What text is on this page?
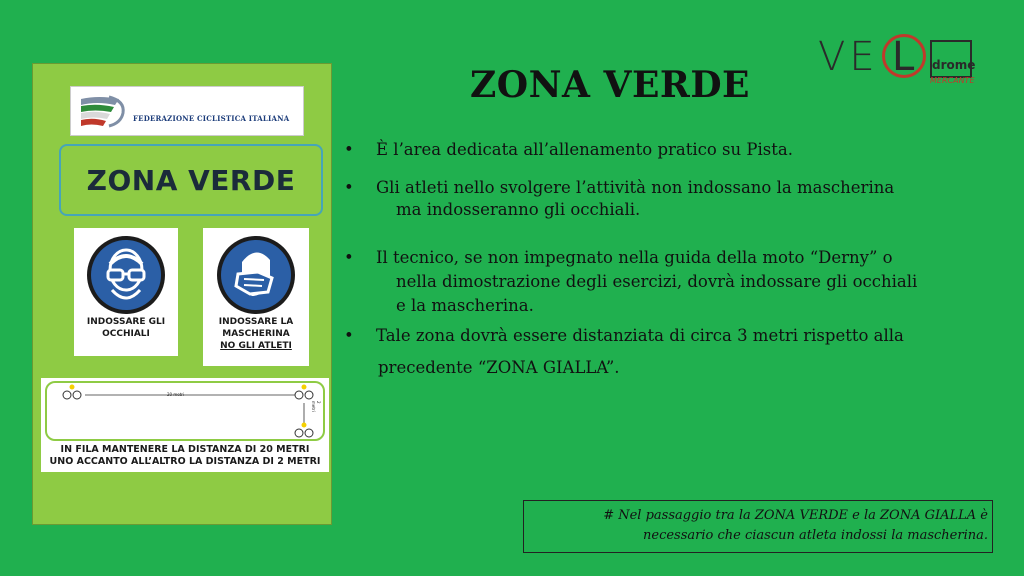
FEDERAZIONE CICLISTICA ITALIANA
ZONA VERDE
INDOSSARE GLI
OCCHIALI
INDOSSARE LA
MASCHERINA
NO GLI ATLETI
20 metri
2 metri
IN FILA MANTENERE LA DISTANZA DI 20 METRI
UNO ACCANTO ALL’ALTRO LA DISTANZA DI 2 METRI
VE L drome
MERCANTE
ZONA VERDE
• È l’area dedicata all’allenamento pratico su Pista.
• Gli atleti nello svolgere l’attività non indossano la mascherina
ma indosseranno gli occhiali.
• Il tecnico, se non impegnato nella guida della moto “Derny” o
nella dimostrazione degli esercizi, dovrà indossare gli occhiali
e la mascherina.
• Tale zona dovrà essere distanziata di circa 3 metri rispetto alla
precedente “ZONA GIALLA”.
# Nel passaggio tra la ZONA VERDE e la ZONA GIALLA è
necessario che ciascun atleta indossi la mascherina.
